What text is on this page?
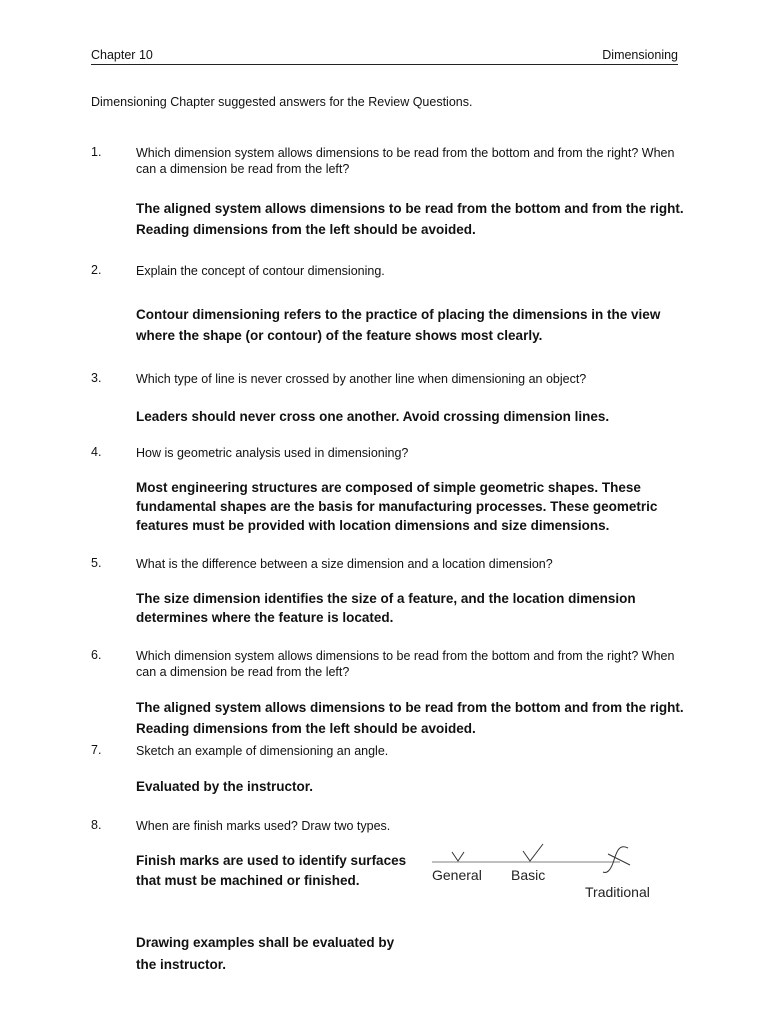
Chapter 10	Dimensioning
Dimensioning Chapter suggested answers for the Review Questions.
1.	Which dimension system allows dimensions to be read from the bottom and from the right? When can a dimension be read from the left?
The aligned system allows dimensions to be read from the bottom and from the right. Reading dimensions from the left should be avoided.
2.	Explain the concept of contour dimensioning.
Contour dimensioning refers to the practice of placing the dimensions in the view where the shape (or contour) of the feature shows most clearly.
3.	Which type of line is never crossed by another line when dimensioning an object?
Leaders should never cross one another. Avoid crossing dimension lines.
4.	How is geometric analysis used in dimensioning?
Most engineering structures are composed of simple geometric shapes. These fundamental shapes are the basis for manufacturing processes. These geometric features must be provided with location dimensions and size dimensions.
5.	What is the difference between a size dimension and a location dimension?
The size dimension identifies the size of a feature, and the location dimension determines where the feature is located.
6.	Which dimension system allows dimensions to be read from the bottom and from the right? When can a dimension be read from the left?
The aligned system allows dimensions to be read from the bottom and from the right. Reading dimensions from the left should be avoided.
7.	Sketch an example of dimensioning an angle.
Evaluated by the instructor.
8.	When are finish marks used? Draw two types.
Finish marks are used to identify surfaces that must be machined or finished.
Drawing examples shall be evaluated by the instructor.
General Basic
Traditional
